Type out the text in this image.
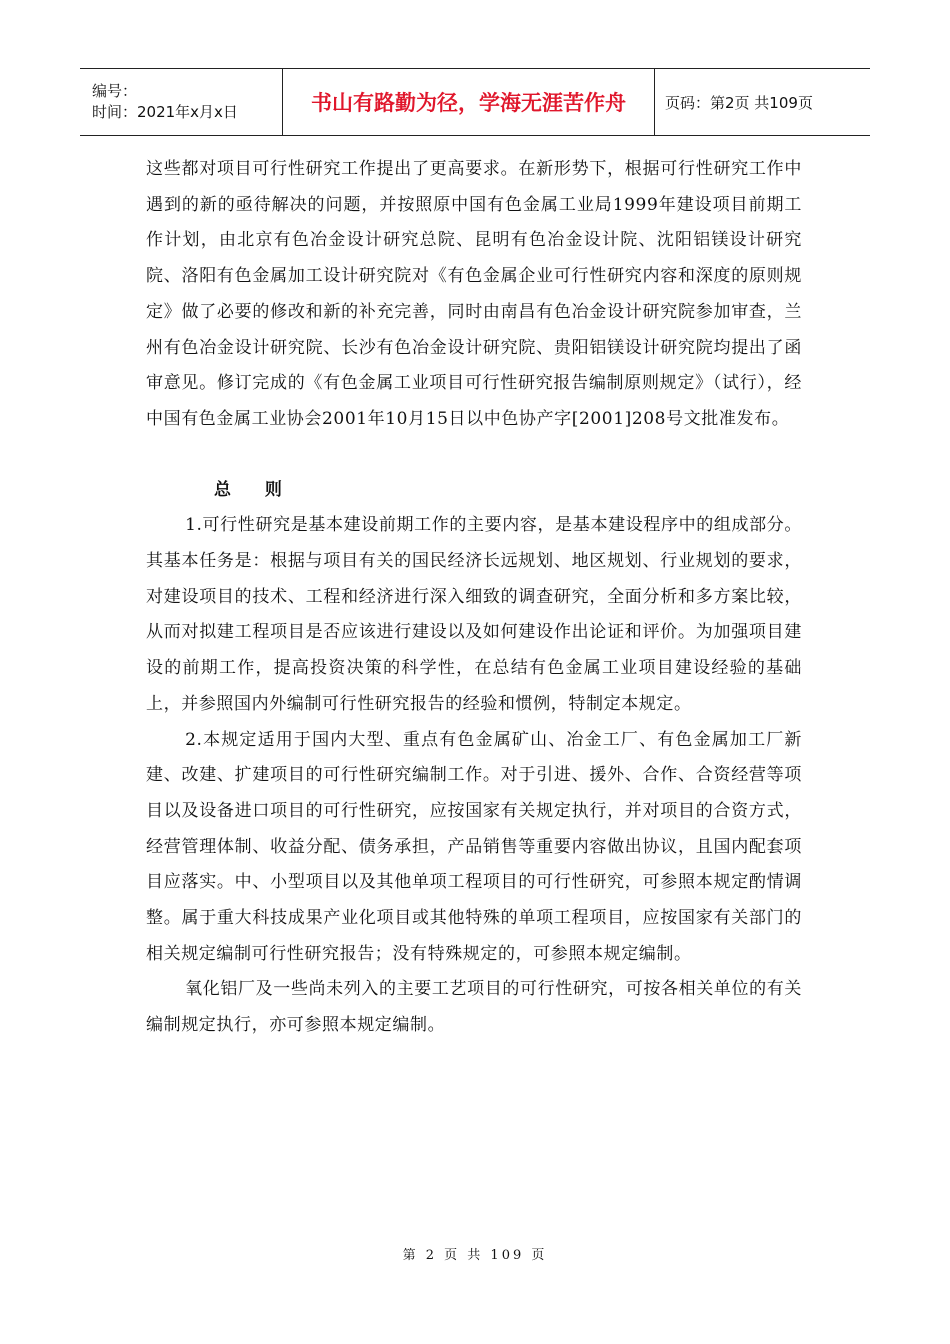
编号：
时间：2021年x月x日	书山有路勤为径，学海无涯苦作舟	页码：第2页 共109页

这些都对项目可行性研究工作提出了更高要求。在新形势下，根据可行性研究工作中遇到的新的亟待解决的问题，并按照原中国有色金属工业局1999年建设项目前期工作计划，由北京有色冶金设计研究总院、昆明有色冶金设计院、沈阳铝镁设计研究院、洛阳有色金属加工设计研究院对《有色金属企业可行性研究内容和深度的原则规定》做了必要的修改和新的补充完善，同时由南昌有色冶金设计研究院参加审查，兰州有色冶金设计研究院、长沙有色冶金设计研究院、贵阳铝镁设计研究院均提出了函审意见。修订完成的《有色金属工业项目可行性研究报告编制原则规定》（试行），经中国有色金属工业协会2001年10月15日以中色协产字[2001]208号文批准发布。

总 则

1.可行性研究是基本建设前期工作的主要内容，是基本建设程序中的组成部分。其基本任务是：根据与项目有关的国民经济长远规划、地区规划、行业规划的要求，对建设项目的技术、工程和经济进行深入细致的调查研究，全面分析和多方案比较，从而对拟建工程项目是否应该进行建设以及如何建设作出论证和评价。为加强项目建设的前期工作，提高投资决策的科学性，在总结有色金属工业项目建设经验的基础上，并参照国内外编制可行性研究报告的经验和惯例，特制定本规定。

2.本规定适用于国内大型、重点有色金属矿山、冶金工厂、有色金属加工厂新建、改建、扩建项目的可行性研究编制工作。对于引进、援外、合作、合资经营等项目以及设备进口项目的可行性研究，应按国家有关规定执行，并对项目的合资方式，经营管理体制、收益分配、债务承担，产品销售等重要内容做出协议，且国内配套项目应落实。中、小型项目以及其他单项工程项目的可行性研究，可参照本规定酌情调整。属于重大科技成果产业化项目或其他特殊的单项工程项目，应按国家有关部门的相关规定编制可行性研究报告；没有特殊规定的，可参照本规定编制。

氧化铝厂及一些尚未列入的主要工艺项目的可行性研究，可按各相关单位的有关编制规定执行，亦可参照本规定编制。

第 2 页 共 109 页
